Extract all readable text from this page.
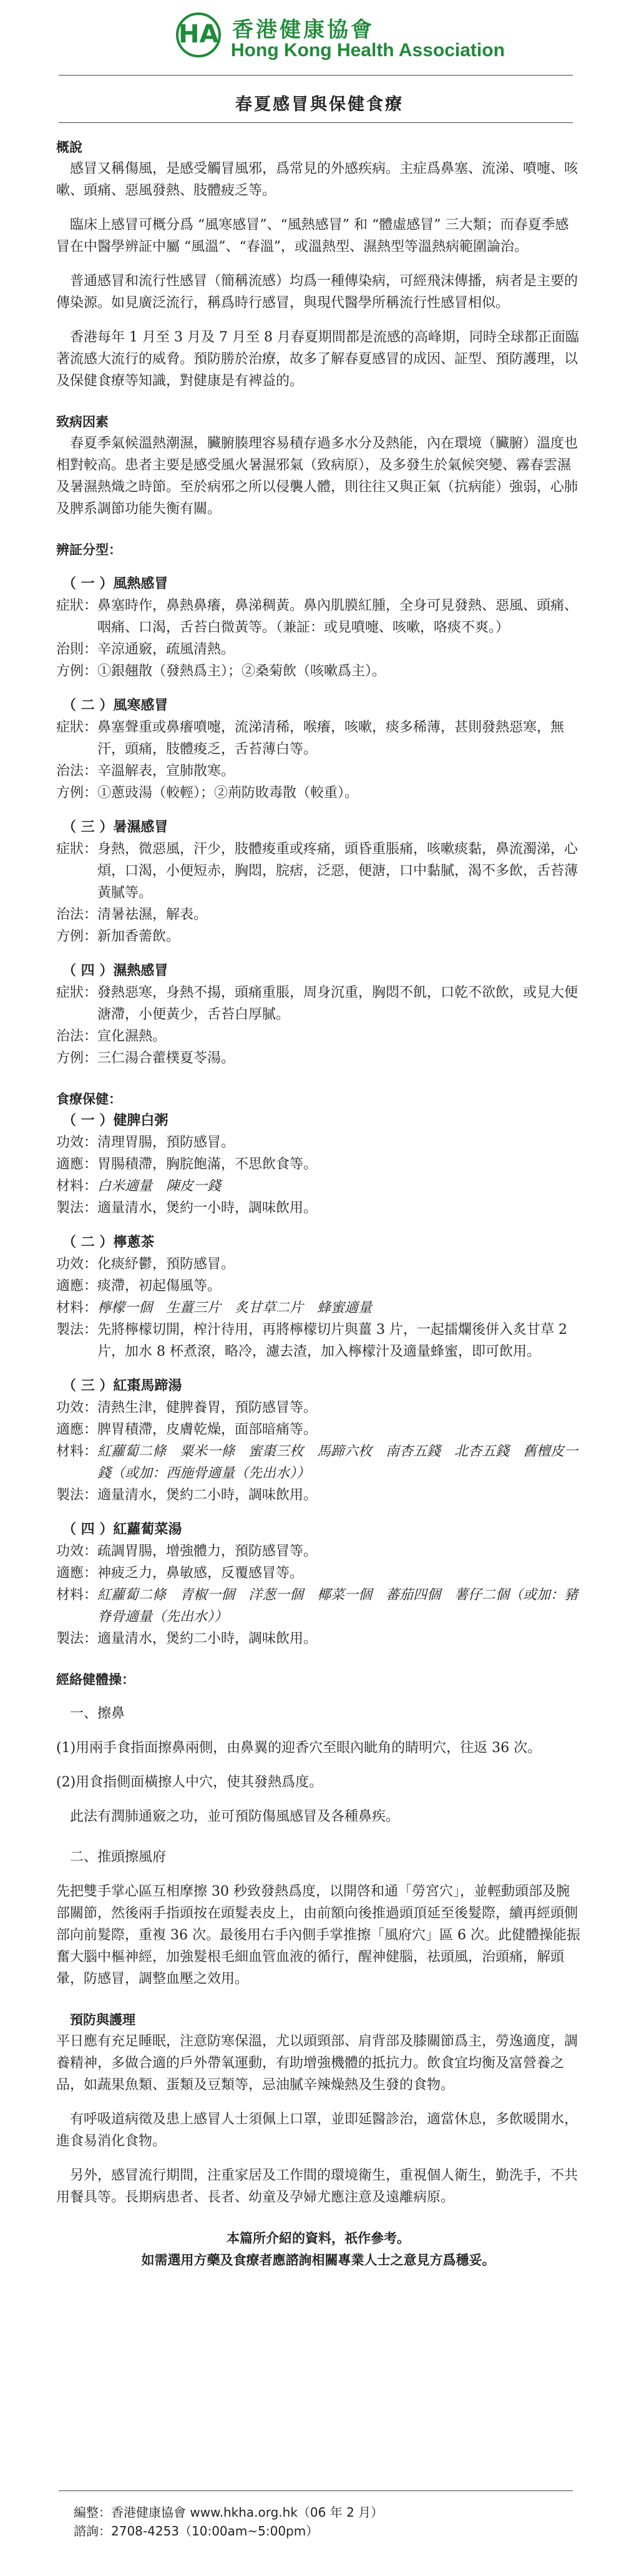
HA 香港健康協會
Hong Kong Health Association
春夏感冒與保健食療
概說

感冒又稱傷風，是感受觸冒風邪，爲常見的外感疾病。主症爲鼻塞、流涕、噴嚏、咳嗽、頭痛、惡風發熱、肢體疲乏等。

臨床上感冒可概分爲 “風寒感冒”、“風熱感冒” 和 “體虛感冒” 三大類；而春夏季感冒在中醫學辨証中屬 “風溫”、“春溫”，或溫熱型、濕熱型等溫熱病範圍論治。

普通感冒和流行性感冒（簡稱流感）均爲一種傳染病，可經飛沫傳播，病者是主要的傳染源。如見廣泛流行，稱爲時行感冒，與現代醫學所稱流行性感冒相似。

香港每年 1 月至 3 月及 7 月至 8 月春夏期間都是流感的高峰期，同時全球都正面臨著流感大流行的威脅。預防勝於治療，故多了解春夏感冒的成因、証型、預防護理，以及保健食療等知識，對健康是有裨益的。

致病因素

春夏季氣候溫熱潮濕，臟腑腠理容易積存過多水分及熱能，內在環境（臟腑）溫度也相對較高。患者主要是感受風火暑濕邪氣（致病原），及多發生於氣候突變、霧春雲濕及暑濕熱熾之時節。至於病邪之所以侵襲人體，則往往又與正氣（抗病能）強弱，心肺及脾系調節功能失衡有關。

辨証分型：
（ 一 ）風熱感冒
症狀： 鼻塞時作，鼻熱鼻癢，鼻涕稠黃。鼻內肌膜紅腫，全身可見發熱、惡風、頭痛、咽痛、口渴，舌苔白微黃等。（兼証：或見噴嚏、咳嗽，咯痰不爽。）
治則： 辛涼通竅，疏風清熱。
方例： ①銀翹散（發熱爲主）；②桑菊飲（咳嗽爲主）。
（ 二 ）風寒感冒
症狀： 鼻塞聲重或鼻癢噴嚏，流涕清稀，喉癢，咳嗽，痰多稀薄，甚則發熱惡寒，無汗，頭痛，肢體痠乏，舌苔薄白等。
治法： 辛溫解表，宣肺散寒。
方例： ①蔥豉湯（較輕）；②荊防敗毒散（較重）。
（ 三 ）暑濕感冒
症狀： 身熱，微惡風，汗少，肢體痠重或疼痛，頭昏重脹痛，咳嗽痰黏，鼻流濁涕，心煩，口渴，小便短赤，胸悶，脘痞，泛惡，便溏，口中黏膩，渴不多飲，舌苔薄黃膩等。
治法： 清暑祛濕，解表。
方例： 新加香薷飲。
（ 四 ）濕熱感冒
症狀： 發熱惡寒，身熱不揚，頭痛重脹，周身沉重，胸悶不飢，口乾不欲飲，或見大便溏滯，小便黃少，舌苔白厚膩。
治法： 宣化濕熱。
方例： 三仁湯合藿樸夏苓湯。
食療保健：
（ 一 ）健脾白粥
功效： 清理胃腸，預防感冒。
適應： 胃腸積滯，胸脘飽滿，不思飲食等。
材料： 白米適量　陳皮一錢
製法： 適量清水，煲約一小時，調味飲用。
（ 二 ）檸蔥茶
功效： 化痰紓鬱，預防感冒。
適應： 痰滯，初起傷風等。
材料： 檸檬一個　生薑三片　炙甘草二片　蜂蜜適量
製法： 先將檸檬切開，榨汁待用，再將檸檬切片與薑 3 片，一起擂爛後併入炙甘草 2 片，加水 8 杯煮滾，略冷，濾去渣，加入檸檬汁及適量蜂蜜，即可飲用。
（ 三 ）紅棗馬蹄湯
功效： 清熱生津，健脾養胃，預防感冒等。
適應： 脾胃積滯，皮膚乾燥，面部暗痛等。
材料： 紅蘿蔔二條　粟米一條　蜜棗三枚　馬蹄六枚　南杏五錢　北杏五錢　舊檀皮一錢（或加：西施骨適量（先出水））
製法： 適量清水，煲約二小時，調味飲用。
（ 四 ）紅蘿蔔菜湯
功效： 疏調胃腸，增強體力，預防感冒等。
適應： 神疲乏力，鼻敏感，反覆感冒等。
材料： 紅蘿蔔二條　青椒一個　洋葱一個　椰菜一個　蕃茄四個　薯仔二個（或加：豬脊骨適量（先出水））
製法： 適量清水，煲約二小時，調味飲用。
經絡健體操：
一、擦鼻

(1)用兩手食指面擦鼻兩側，由鼻翼的迎香穴至眼內眦角的睛明穴，往返 36 次。

(2)用食指側面橫擦人中穴，使其發熱爲度。

此法有潤肺通竅之功，並可預防傷風感冒及各種鼻疾。

二、推頭擦風府

先把雙手掌心區互相摩擦 30 秒致發熱爲度，以開啓和通「勞宮穴」，並輕動頭部及腕部關節，然後兩手指頭按在頭髮表皮上，由前額向後推過頭頂延至後髮際，續再經頭側部向前髮際，重複 36 次。最後用右手內側手掌推擦「風府穴」區 6 次。此健體操能振奮大腦中樞神經，加強髮根毛細血管血液的循行，醒神健腦，祛頭風，治頭痛，解頭暈，防感冒，調整血壓之效用。

預防與護理

平日應有充足睡眠，注意防寒保溫，尤以頭頸部、肩背部及膝關節爲主，勞逸適度，調養精神，多做合適的戶外帶氧運動，有助增強機體的抵抗力。飲食宜均衡及富營養之品，如蔬果魚類、蛋類及豆類等，忌油膩辛辣燥熱及生發的食物。

有呼吸道病徵及患上感冒人士須佩上口罩，並即延醫診治，適當休息，多飲暖開水，進食易消化食物。

另外，感冒流行期間，注重家居及工作間的環境衛生，重視個人衛生，勤洗手，不共用餐具等。長期病患者、長者、幼童及孕婦尤應注意及遠離病原。

本篇所介紹的資料，祇作參考。
如需選用方藥及食療者應諮詢相關專業人士之意見方爲穩妥。
編整：香港健康協會 www.hkha.org.hk（06 年 2 月）
諮詢：2708-4253（10:00am~5:00pm）
